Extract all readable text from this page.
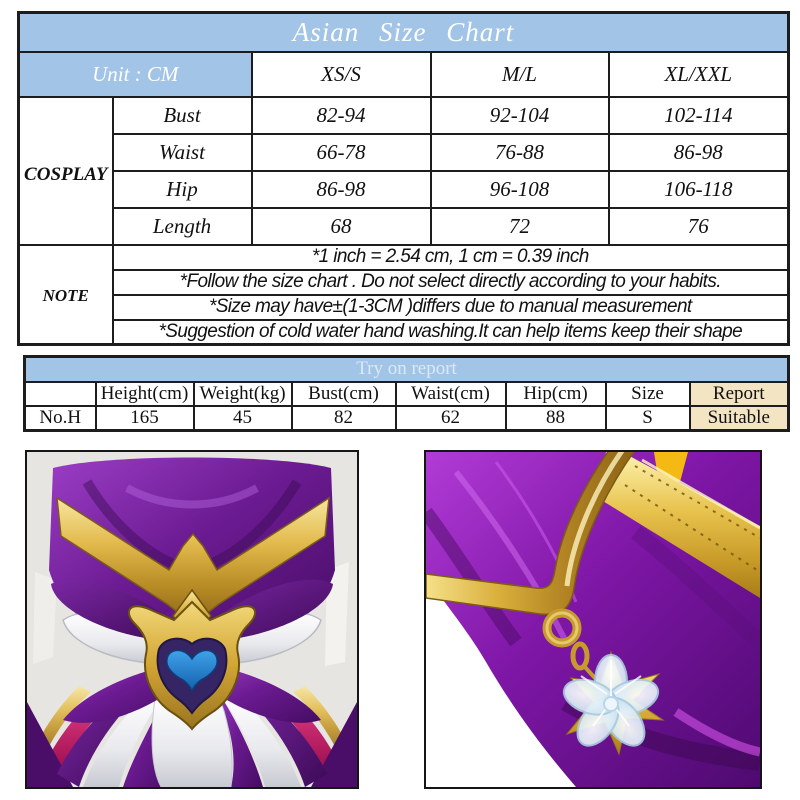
Asian Size Chart				
Unit : CM		XS/S	M/L	XL/XXL
COSPLAY	Bust	82-94	92-104	102-114
	Waist	66-78	76-88	86-98
	Hip	86-98	96-108	106-118
	Length	68	72	76
NOTE	*1 inch = 2.54 cm, 1 cm = 0.39 inch			
	*Follow the size chart . Do not select directly according to your habits.			
	*Size may have±(1-3CM )differs due to manual measurement			
	*Suggestion of cold water hand washing.It can help items keep their shape			
Try on report							
	Height(cm)	Weight(kg)	Bust(cm)	Waist(cm)	Hip(cm)	Size	Report
No.H	165	45	82	62	88	S	Suitable
